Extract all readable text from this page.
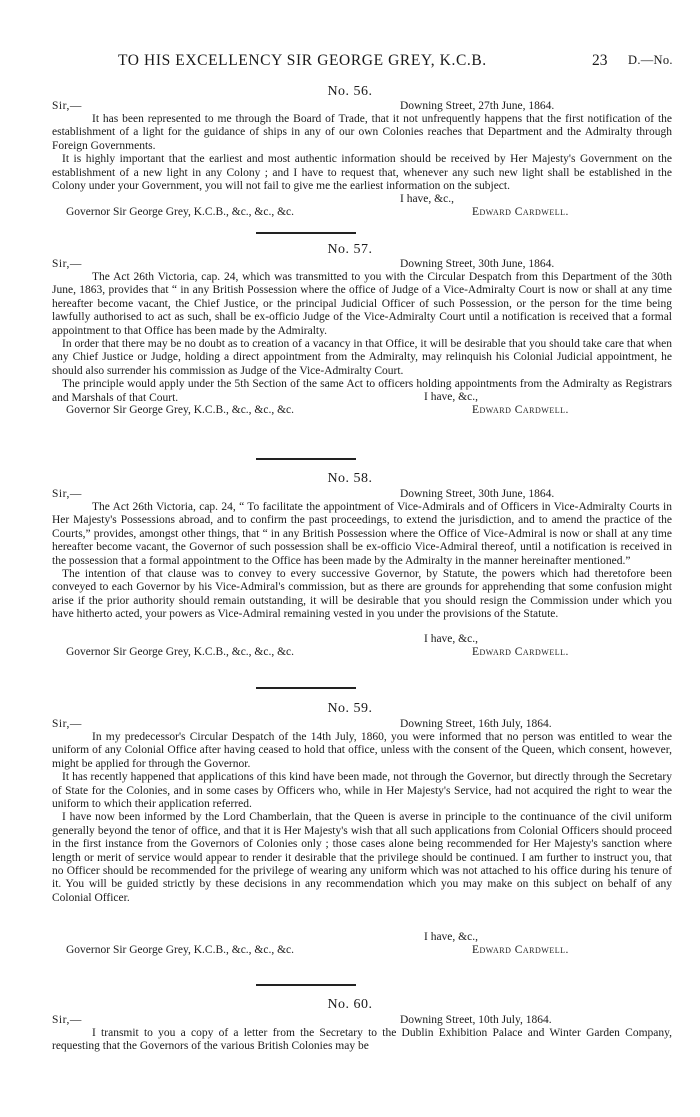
TO HIS EXCELLENCY SIR GEORGE GREY, K.C.B.	23 D.—No.
No. 56.
Sir,—	Downing Street, 27th June, 1864.

It has been represented to me through the Board of Trade, that it not unfrequently happens that the first notification of the establishment of a light for the guidance of ships in any of our own Colonies reaches that Department and the Admiralty through Foreign Governments.

It is highly important that the earliest and most authentic information should be received by Her Majesty's Government on the establishment of a new light in any Colony ; and I have to request that, whenever any such new light shall be established in the Colony under your Government, you will not fail to give me the earliest information on the subject.

I have, &c.,
Governor Sir George Grey, K.C.B., &c., &c., &c.	Edward Cardwell.
No. 57.
Sir,—	Downing Street, 30th June, 1864.

The Act 26th Victoria, cap. 24, which was transmitted to you with the Circular Despatch from this Department of the 30th June, 1863, provides that “ in any British Possession where the office of Judge of a Vice-Admiralty Court is now or shall at any time hereafter become vacant, the Chief Justice, or the principal Judicial Officer of such Possession, or the person for the time being lawfully authorised to act as such, shall be ex-officio Judge of the Vice-Admiralty Court until a notification is received that a formal appointment to that Office has been made by the Admiralty.

In order that there may be no doubt as to creation of a vacancy in that Office, it will be desirable that you should take care that when any Chief Justice or Judge, holding a direct appointment from the Admiralty, may relinquish his Colonial Judicial appointment, he should also surrender his commission as Judge of the Vice-Admiralty Court.

The principle would apply under the 5th Section of the same Act to officers holding appointments from the Admiralty as Registrars and Marshals of that Court.	I have, &c.,
Governor Sir George Grey, K.C.B., &c., &c., &c.	Edward Cardwell.
No. 58.
Sir,—	Downing Street, 30th June, 1864.

The Act 26th Victoria, cap. 24, “ To facilitate the appointment of Vice-Admirals and of Officers in Vice-Admiralty Courts in Her Majesty's Possessions abroad, and to confirm the past proceedings, to extend the jurisdiction, and to amend the practice of the Courts,” provides, amongst other things, that “ in any British Possession where the Office of Vice-Admiral is now or shall at any time hereafter become vacant, the Governor of such possession shall be ex-officio Vice-Admiral thereof, until a notification is received in the possession that a formal appointment to the Office has been made by the Admiralty in the manner hereinafter mentioned.”

The intention of that clause was to convey to every successive Governor, by Statute, the powers which had theretofore been conveyed to each Governor by his Vice-Admiral's commission, but as there are grounds for apprehending that some confusion might arise if the prior authority should remain outstanding, it will be desirable that you should resign the Commission under which you have hitherto acted, your powers as Vice-Admiral remaining vested in you under the provisions of the Statute.

I have, &c.,
Governor Sir George Grey, K.C.B., &c., &c., &c.	Edward Cardwell.
No. 59.
Sir,—	Downing Street, 16th July, 1864.

In my predecessor's Circular Despatch of the 14th July, 1860, you were informed that no person was entitled to wear the uniform of any Colonial Office after having ceased to hold that office, unless with the consent of the Queen, which consent, however, might be applied for through the Governor.

It has recently happened that applications of this kind have been made, not through the Governor, but directly through the Secretary of State for the Colonies, and in some cases by Officers who, while in Her Majesty's Service, had not acquired the right to wear the uniform to which their application referred.

I have now been informed by the Lord Chamberlain, that the Queen is averse in principle to the continuance of the civil uniform generally beyond the tenor of office, and that it is Her Majesty's wish that all such applications from Colonial Officers should proceed in the first instance from the Governors of Colonies only ; those cases alone being recommended for Her Majesty's sanction where length or merit of service would appear to render it desirable that the privilege should be continued. I am further to instruct you, that no Officer should be recommended for the privilege of wearing any uniform which was not attached to his office during his tenure of it. You will be guided strictly by these decisions in any recommendation which you may make on this subject on behalf of any Colonial Officer.

I have, &c.,
Governor Sir George Grey, K.C.B., &c., &c., &c.	Edward Cardwell.
No. 60.
Sir,—	Downing Street, 10th July, 1864.

I transmit to you a copy of a letter from the Secretary to the Dublin Exhibition Palace and Winter Garden Company, requesting that the Governors of the various British Colonies may be
